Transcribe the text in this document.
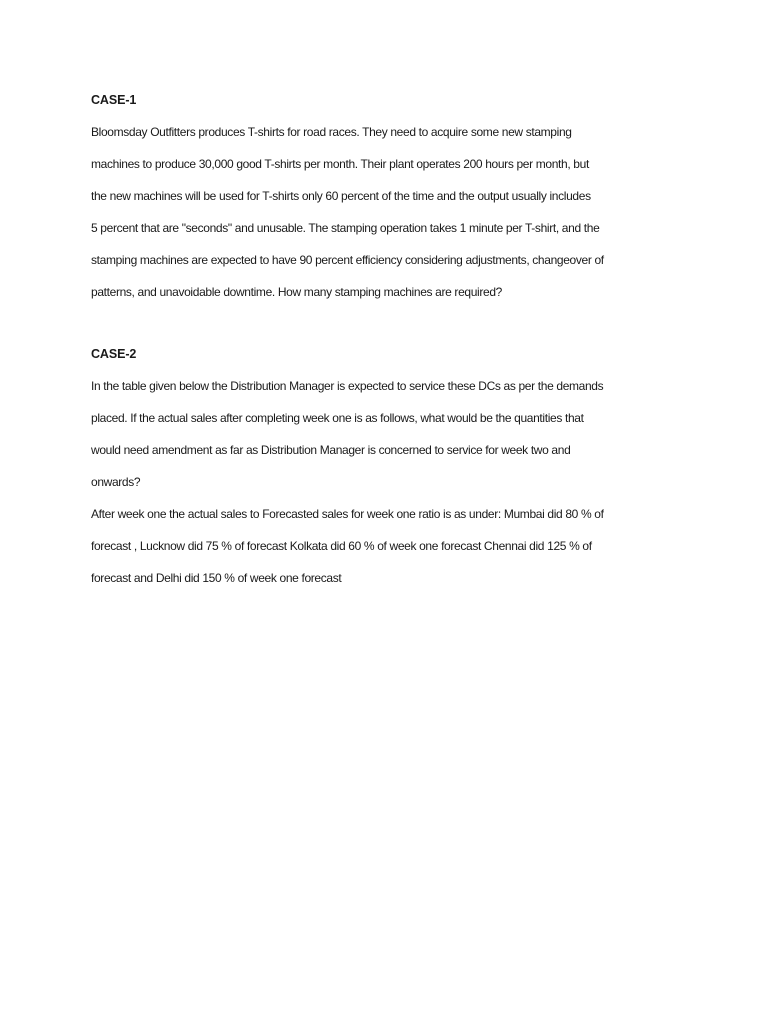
CASE-1

Bloomsday Outfitters produces T-shirts for road races. They need to acquire some new stamping
machines to produce 30,000 good T-shirts per month. Their plant operates 200 hours per month, but
the new machines will be used for T-shirts only 60 percent of the time and the output usually includes
5 percent that are "seconds" and unusable. The stamping operation takes 1 minute per T-shirt, and the
stamping machines are expected to have 90 percent efficiency considering adjustments, changeover of
patterns, and unavoidable downtime. How many stamping machines are required?

CASE-2

In the table given below the Distribution Manager is expected to service these DCs as per the demands
placed. If the actual sales after completing week one is as follows, what would be the quantities that
would need amendment as far as Distribution Manager is concerned to service for week two and
onwards?

After week one the actual sales to Forecasted sales for week one ratio is as under: Mumbai did 80 % of
forecast , Lucknow did 75 % of forecast Kolkata did 60 % of week one forecast Chennai did 125 % of
forecast and Delhi did 150 % of week one forecast
